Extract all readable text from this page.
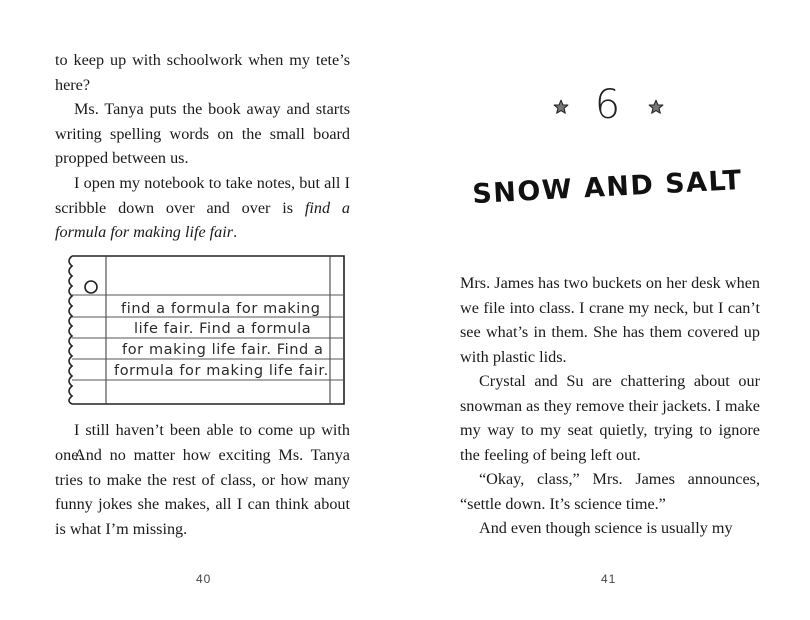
to keep up with schoolwork when my tete’s here?

Ms. Tanya puts the book away and starts writing spelling words on the small board propped between us.

I open my notebook to take notes, but all I scribble down over and over is find a formula for making life fair.

find a formula for making
life fair. Find a formula
for making life fair. Find a
formula for making life fair.

I still haven’t been able to come up with one.

And no matter how exciting Ms. Tanya tries to make the rest of class, or how many funny jokes she makes, all I can think about is what I’m missing.

40
6
SNOW AND SALT

Mrs. James has two buckets on her desk when we file into class. I crane my neck, but I can’t see what’s in them. She has them covered up with plastic lids.

Crystal and Su are chattering about our snowman as they remove their jackets. I make my way to my seat quietly, trying to ignore the feeling of being left out.

“Okay, class,” Mrs. James announces, “settle down. It’s science time.”

And even though science is usually my

41
